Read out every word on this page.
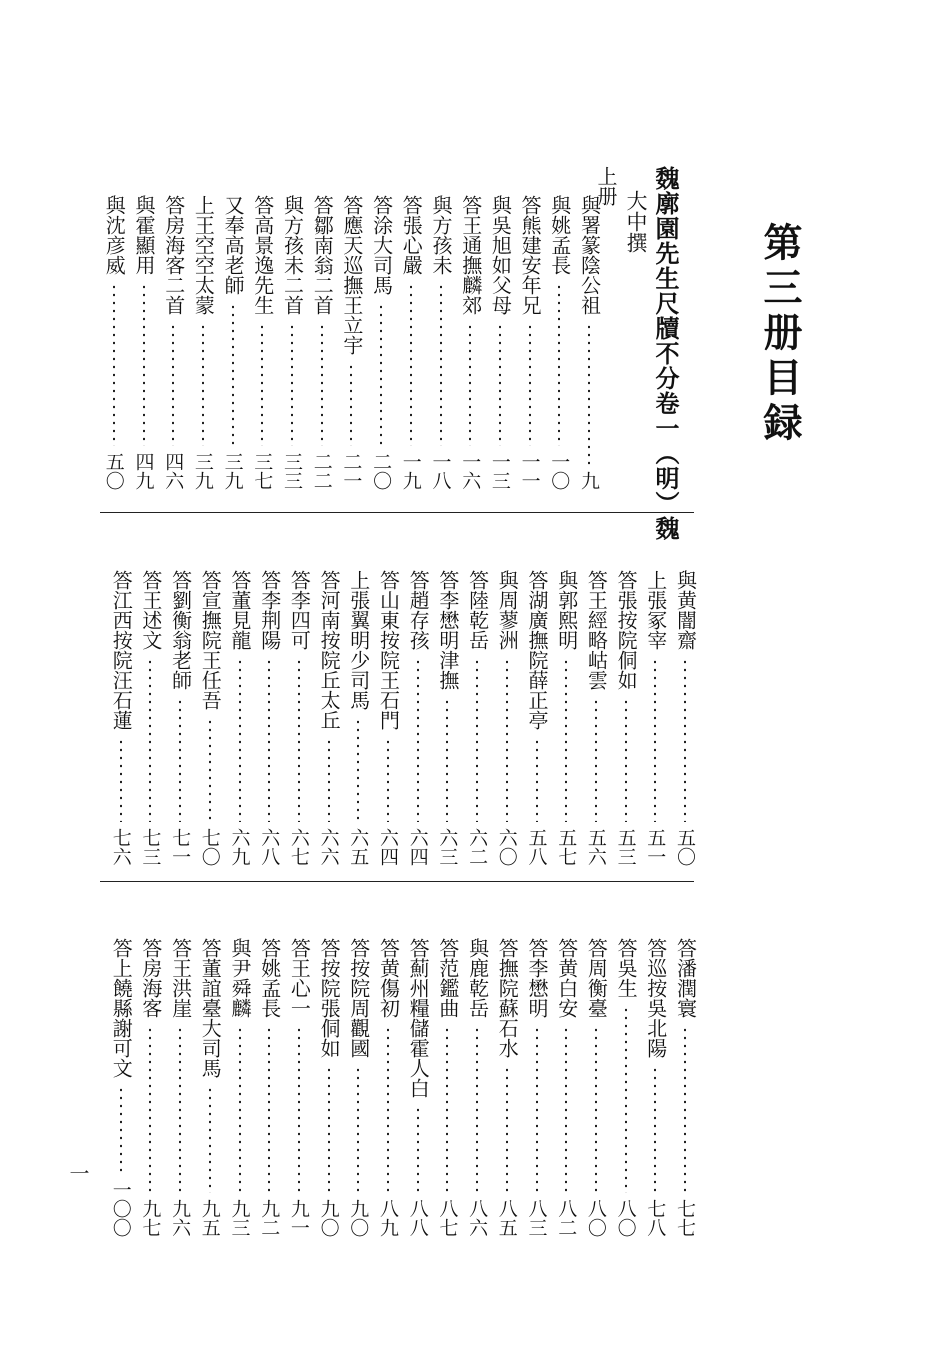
第三册目録
魏廓園先生尺牘不分卷一（明）魏
大中撰
上册
與署篆陰公祖
九
與姚孟長
一〇
答熊建安年兄
一一
與吳旭如父母
一三
答王通撫麟郊
一六
與方孩未
一八
答張心嚴
一九
答涂大司馬
二〇
答應天巡撫王立宇
二一
答鄒南翁二首
二二
與方孩未二首
三三
答高景逸先生
三七
又奉高老師
三九
上王空空太蒙
三九
答房海客二首
四六
與霍顯用
四九
與沈彦威
五〇
與黄闇齋
五〇
上張冢宰
五一
答張按院侗如
五三
答王經略岵雲
五六
與郭熙明
五七
答湖廣撫院薛正亭
五八
與周蓼洲
六〇
答陸乾岳
六二
答李懋明津撫
六三
答趙存孩
六四
答山東按院王石門
六四
上張翼明少司馬
六五
答河南按院丘太丘
六六
答李四可
六七
答李荆陽
六八
答董見龍
六九
答宣撫院王任吾
七〇
答劉衡翁老師
七一
答王述文
七三
答江西按院汪石蓮
七六
答潘潤寰
七七
答巡按吳北陽
七八
答吳生
八〇
答周衡臺
八〇
答黄白安
八二
答李懋明
八三
答撫院蘇石水
八五
與鹿乾岳
八六
答范鑑曲
八七
答薊州糧儲霍人白
八八
答黄傷初
八九
答按院周觀國
九〇
答按院張侗如
九〇
答王心一
九一
答姚孟長
九二
與尹舜麟
九三
答董誼臺大司馬
九五
答王洪崖
九六
答房海客
九七
答上饒縣謝可文
一〇〇
一
